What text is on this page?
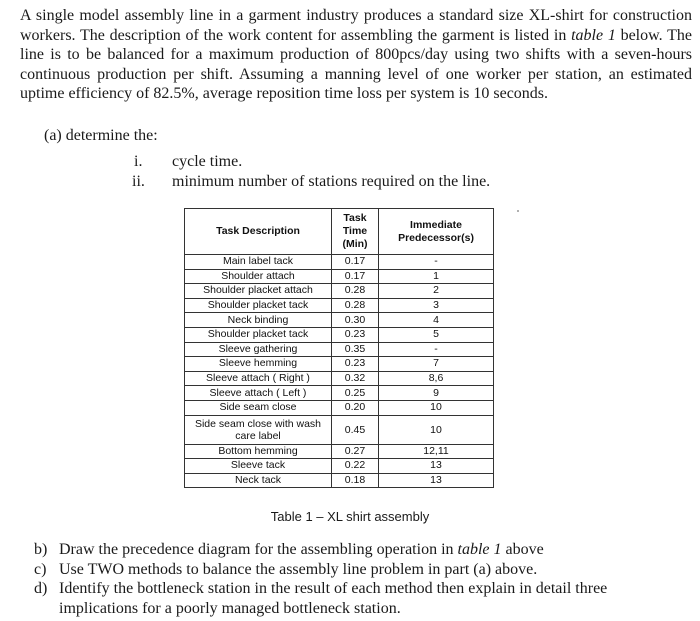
A single model assembly line in a garment industry produces a standard size XL-shirt for construction workers. The description of the work content for assembling the garment is listed in table 1 below. The line is to be balanced for a maximum production of 800pcs/day using two shifts with a seven-hours continuous production per shift. Assuming a manning level of one worker per station, an estimated uptime efficiency of 82.5%, average reposition time loss per system is 10 seconds.

(a) determine the:
i.	cycle time.
ii.	minimum number of stations required on the line.
Task Description	Task Time (Min)	Immediate Predecessor(s)
Main label tack	0.17	-
Shoulder attach	0.17	1
Shoulder placket attach	0.28	2
Shoulder placket tack	0.28	3
Neck binding	0.30	4
Shoulder placket tack	0.23	5
Sleeve gathering	0.35	-
Sleeve hemming	0.23	7
Sleeve attach ( Right )	0.32	8,6
Sleeve attach ( Left )	0.25	9
Side seam close	0.20	10
Side seam close with wash care label	0.45	10
Bottom hemming	0.27	12,11
Sleeve tack	0.22	13
Neck tack	0.18	13
Table 1 – XL shirt assembly
b) Draw the precedence diagram for the assembling operation in table 1 above
c) Use TWO methods to balance the assembly line problem in part (a) above.
d) Identify the bottleneck station in the result of each method then explain in detail three implications for a poorly managed bottleneck station.
